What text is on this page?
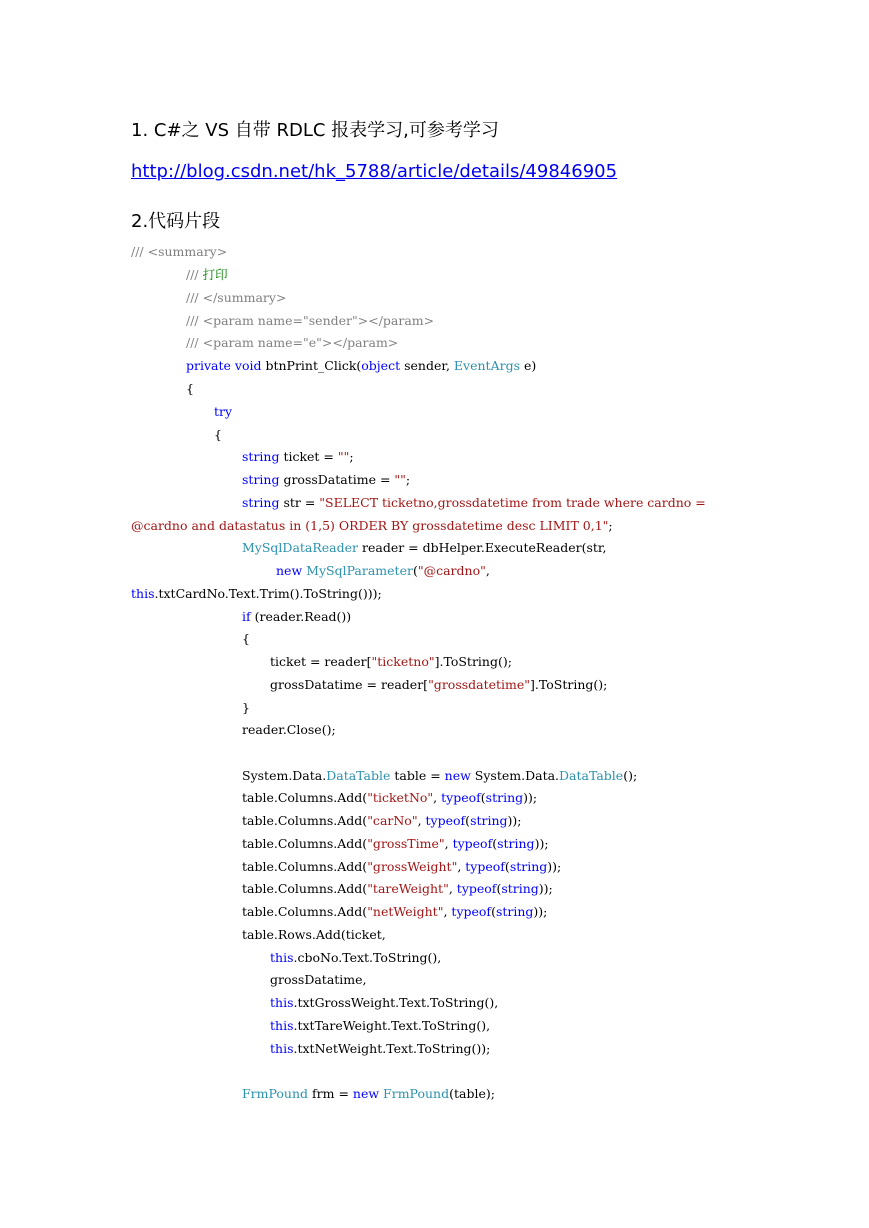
1. C#之 VS 自带 RDLC 报表学习,可参考学习
http://blog.csdn.net/hk_5788/article/details/49846905
2.代码片段
/// <summary>
/// 打印
/// </summary>
/// <param name="sender"></param>
/// <param name="e"></param>
private void btnPrint_Click(object sender, EventArgs e)
{
try
{
string ticket = "";
string grossDatatime = "";
string str = "SELECT ticketno,grossdatetime from trade where cardno =
@cardno and datastatus in (1,5) ORDER BY grossdatetime desc LIMIT 0,1";
MySqlDataReader reader = dbHelper.ExecuteReader(str,
new MySqlParameter("@cardno",
this.txtCardNo.Text.Trim().ToString()));
if (reader.Read())
{
ticket = reader["ticketno"].ToString();
grossDatatime = reader["grossdatetime"].ToString();
}
reader.Close();
System.Data.DataTable table = new System.Data.DataTable();
table.Columns.Add("ticketNo", typeof(string));
table.Columns.Add("carNo", typeof(string));
table.Columns.Add("grossTime", typeof(string));
table.Columns.Add("grossWeight", typeof(string));
table.Columns.Add("tareWeight", typeof(string));
table.Columns.Add("netWeight", typeof(string));
table.Rows.Add(ticket,
this.cboNo.Text.ToString(),
grossDatatime,
this.txtGrossWeight.Text.ToString(),
this.txtTareWeight.Text.ToString(),
this.txtNetWeight.Text.ToString());
FrmPound frm = new FrmPound(table);
